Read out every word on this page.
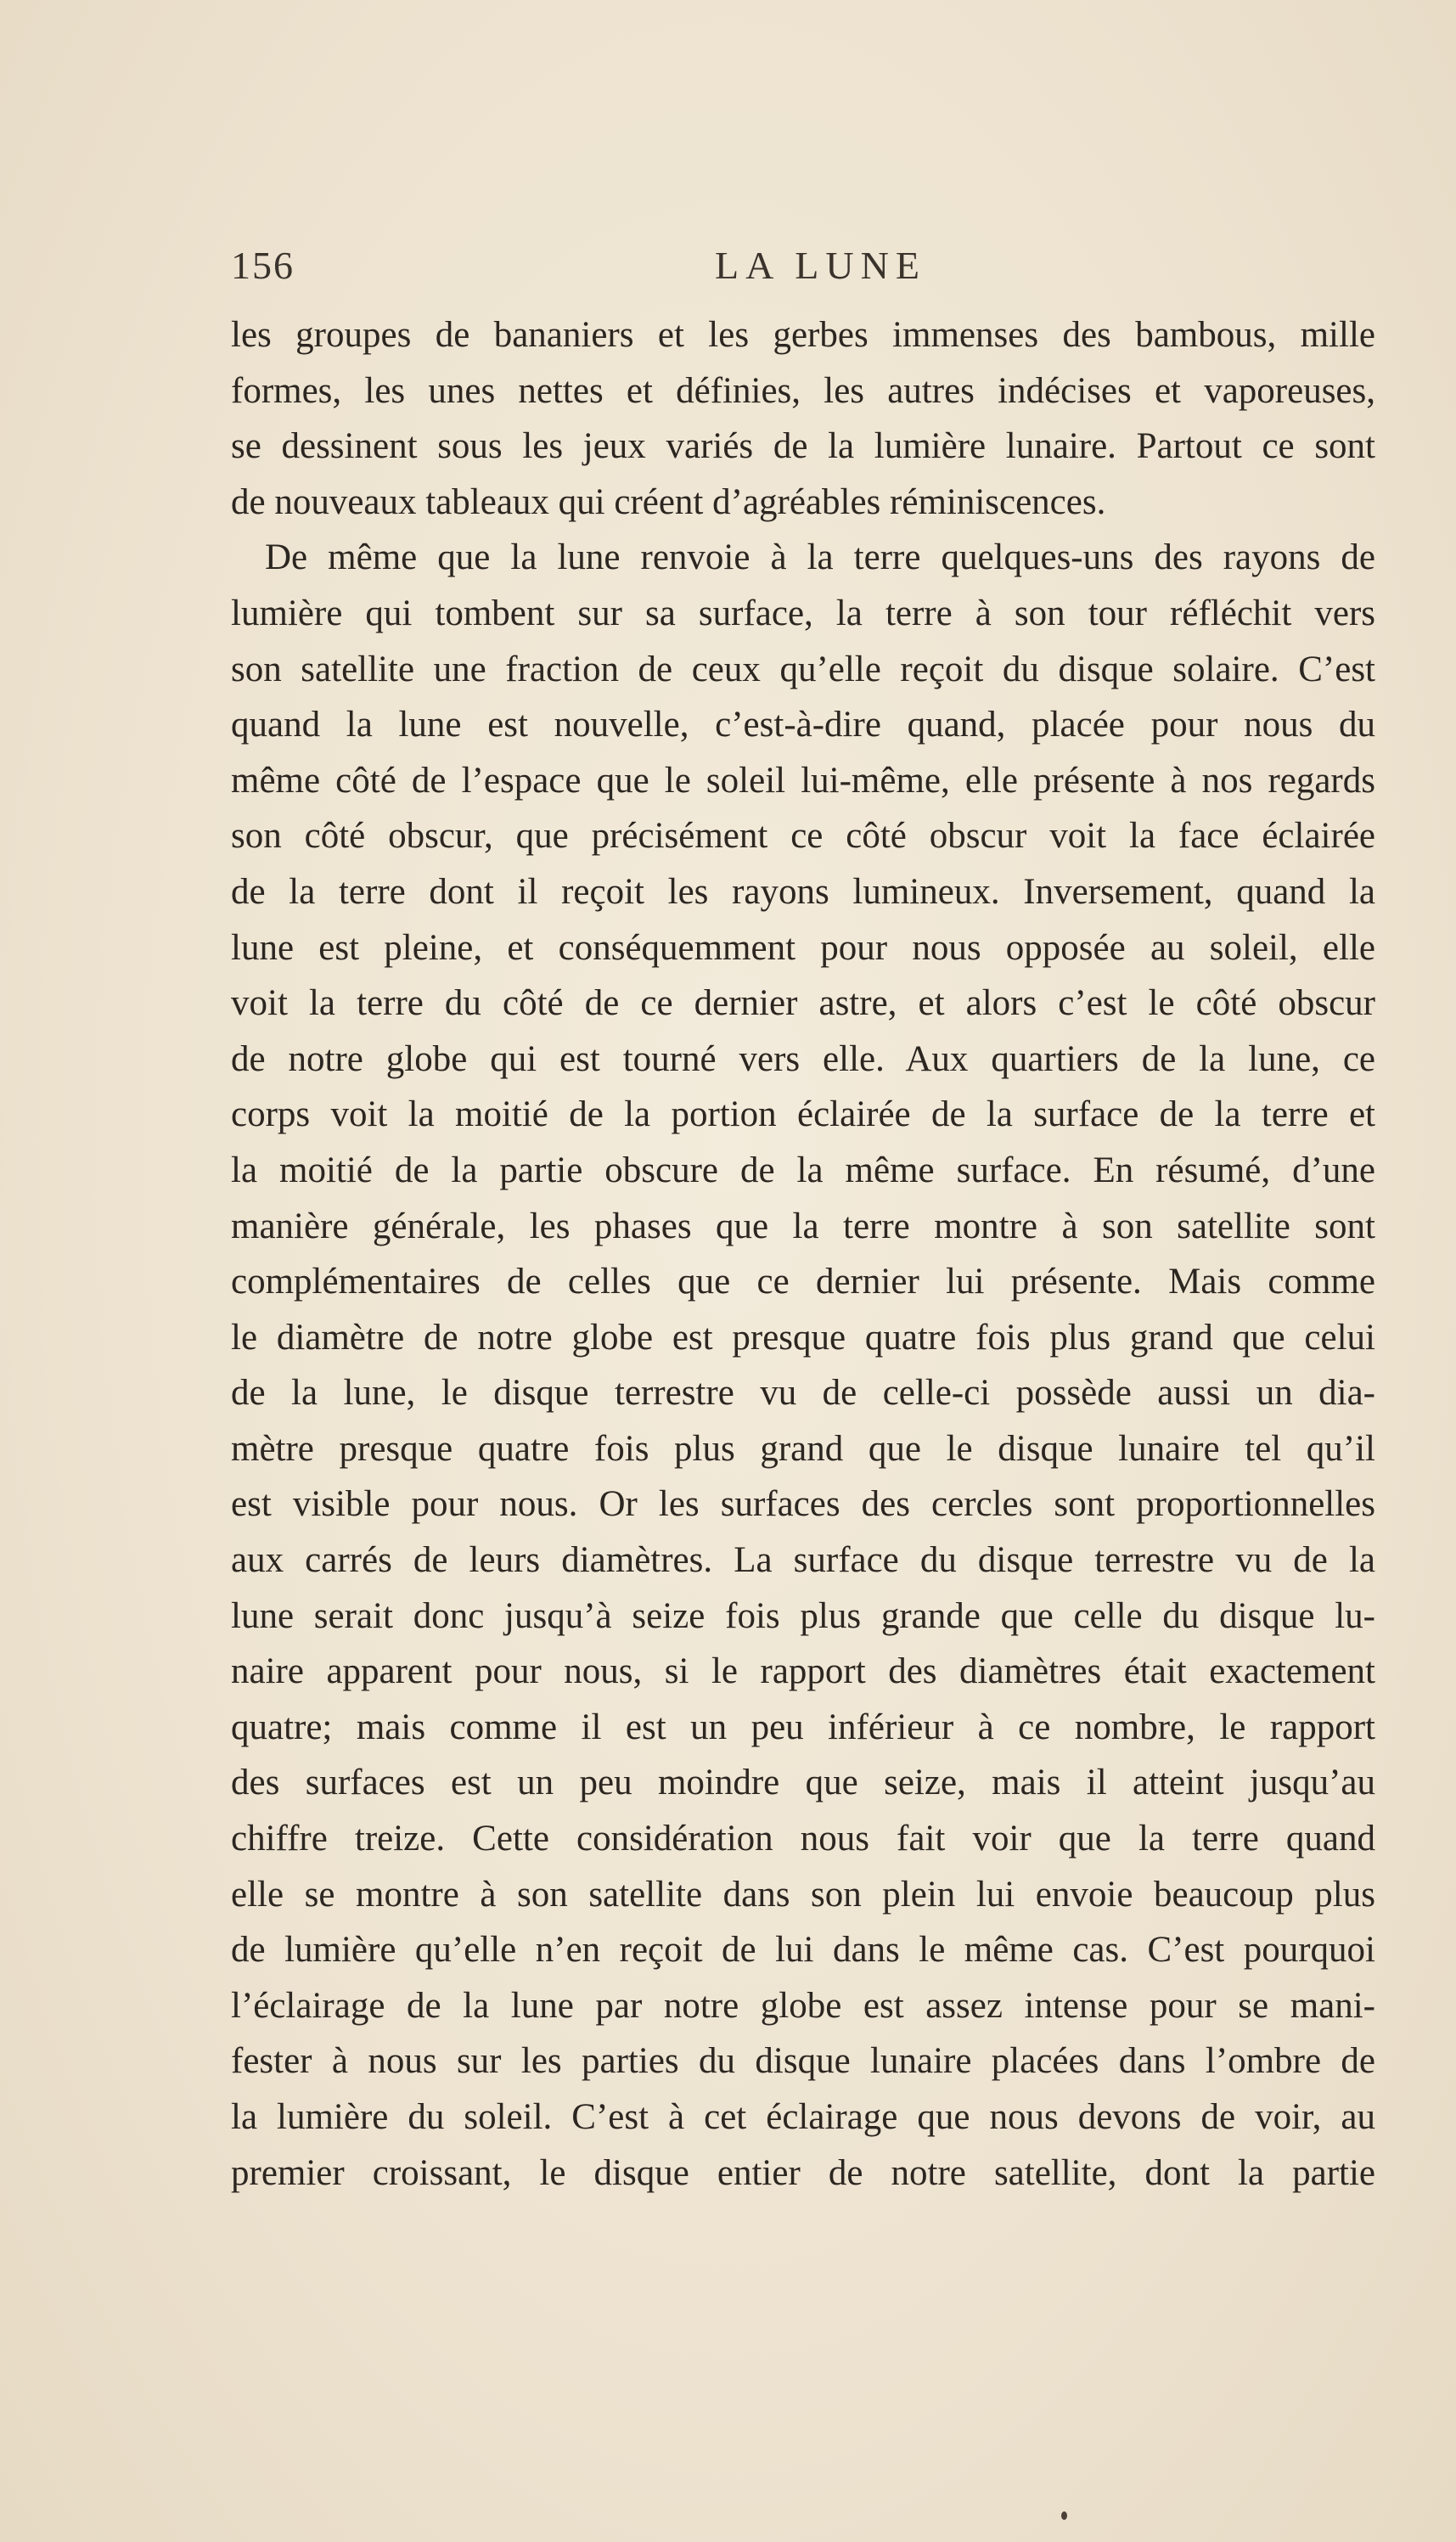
156	LA LUNE
les groupes de bananiers et les gerbes immenses des bambous, mille
formes, les unes nettes et définies, les autres indécises et vaporeuses,
se dessinent sous les jeux variés de la lumière lunaire. Partout ce sont
de nouveaux tableaux qui créent d’agréables réminiscences.
De même que la lune renvoie à la terre quelques-uns des rayons de
lumière qui tombent sur sa surface, la terre à son tour réfléchit vers
son satellite une fraction de ceux qu’elle reçoit du disque solaire. C’est
quand la lune est nouvelle, c’est-à-dire quand, placée pour nous du
même côté de l’espace que le soleil lui-même, elle présente à nos regards
son côté obscur, que précisément ce côté obscur voit la face éclairée
de la terre dont il reçoit les rayons lumineux. Inversement, quand la
lune est pleine, et conséquemment pour nous opposée au soleil, elle
voit la terre du côté de ce dernier astre, et alors c’est le côté obscur
de notre globe qui est tourné vers elle. Aux quartiers de la lune, ce
corps voit la moitié de la portion éclairée de la surface de la terre et
la moitié de la partie obscure de la même surface. En résumé, d’une
manière générale, les phases que la terre montre à son satellite sont
complémentaires de celles que ce dernier lui présente. Mais comme
le diamètre de notre globe est presque quatre fois plus grand que celui
de la lune, le disque terrestre vu de celle-ci possède aussi un dia-
mètre presque quatre fois plus grand que le disque lunaire tel qu’il
est visible pour nous. Or les surfaces des cercles sont proportionnelles
aux carrés de leurs diamètres. La surface du disque terrestre vu de la
lune serait donc jusqu’à seize fois plus grande que celle du disque lu-
naire apparent pour nous, si le rapport des diamètres était exactement
quatre; mais comme il est un peu inférieur à ce nombre, le rapport
des surfaces est un peu moindre que seize, mais il atteint jusqu’au
chiffre treize. Cette considération nous fait voir que la terre quand
elle se montre à son satellite dans son plein lui envoie beaucoup plus
de lumière qu’elle n’en reçoit de lui dans le même cas. C’est pourquoi
l’éclairage de la lune par notre globe est assez intense pour se mani-
fester à nous sur les parties du disque lunaire placées dans l’ombre de
la lumière du soleil. C’est à cet éclairage que nous devons de voir, au
premier croissant, le disque entier de notre satellite, dont la partie
